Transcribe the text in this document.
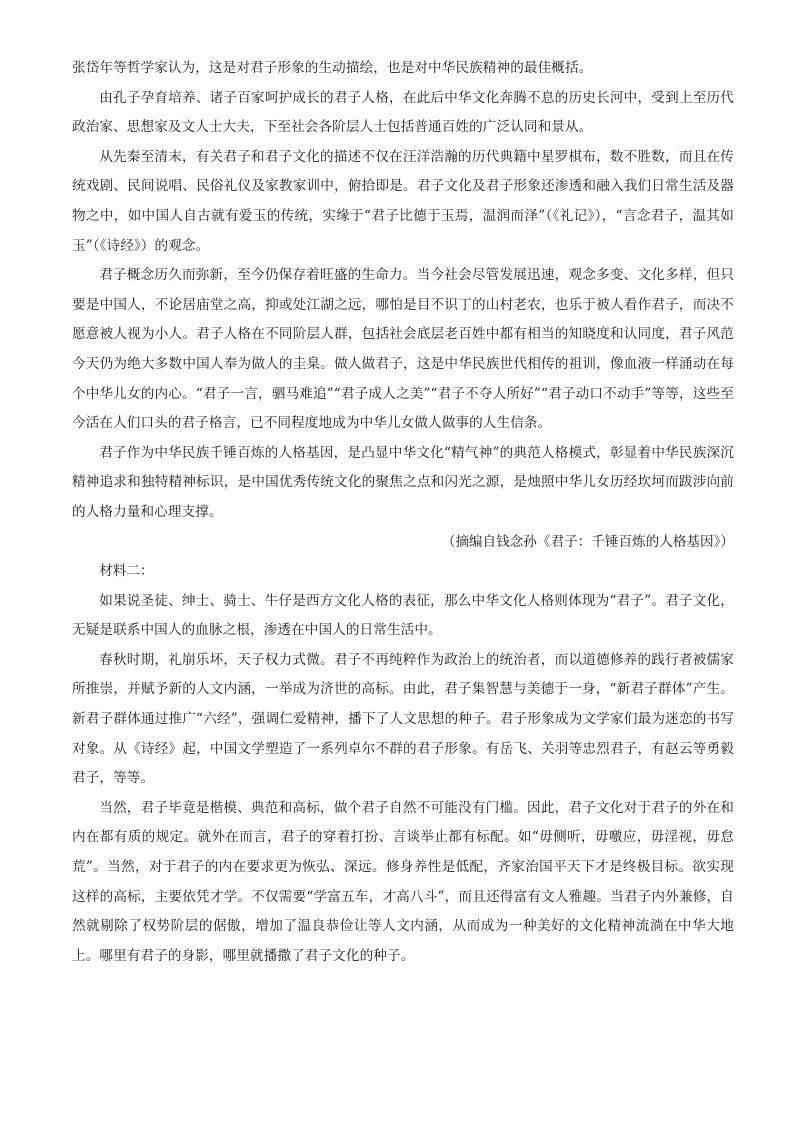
张岱年等哲学家认为，这是对君子形象的生动描绘，也是对中华民族精神的最佳概括。

由孔子孕育培养、诸子百家呵护成长的君子人格，在此后中华文化奔腾不息的历史长河中，受到上至历代政治家、思想家及文人士大夫，下至社会各阶层人士包括普通百姓的广泛认同和景从。

从先秦至清末，有关君子和君子文化的描述不仅在汪洋浩瀚的历代典籍中星罗棋布，数不胜数，而且在传统戏剧、民间说唱、民俗礼仪及家教家训中，俯拾即是。君子文化及君子形象还渗透和融入我们日常生活及器物之中，如中国人自古就有爱玉的传统，实缘于“君子比德于玉焉，温润而泽”（《礼记》），“言念君子，温其如玉”（《诗经》）的观念。

君子概念历久而弥新，至今仍保存着旺盛的生命力。当今社会尽管发展迅速，观念多变、文化多样，但只要是中国人，不论居庙堂之高，抑或处江湖之远，哪怕是目不识丁的山村老农，也乐于被人看作君子，而决不愿意被人视为小人。君子人格在不同阶层人群，包括社会底层老百姓中都有相当的知晓度和认同度，君子风范今天仍为绝大多数中国人奉为做人的圭臬。做人做君子，这是中华民族世代相传的祖训，像血液一样涌动在每个中华儿女的内心。“君子一言，驷马难追”“君子成人之美”“君子不夺人所好”“君子动口不动手”等等，这些至今活在人们口头的君子格言，已不同程度地成为中华儿女做人做事的人生信条。

君子作为中华民族千锤百炼的人格基因，是凸显中华文化“精气神”的典范人格模式，彰显着中华民族深沉精神追求和独特精神标识，是中国优秀传统文化的聚焦之点和闪光之源，是烛照中华儿女历经坎坷而跋涉向前的人格力量和心理支撑。

（摘编自钱念孙《君子：千锤百炼的人格基因》）

材料二：

如果说圣徒、绅士、骑士、牛仔是西方文化人格的表征，那么中华文化人格则体现为“君子”。君子文化，无疑是联系中国人的血脉之根，渗透在中国人的日常生活中。

春秋时期，礼崩乐坏，天子权力式微。君子不再纯粹作为政治上的统治者，而以道德修养的践行者被儒家所推崇，并赋予新的人文内涵，一举成为济世的高标。由此，君子集智慧与美德于一身，“新君子群体”产生。新君子群体通过推广“六经”，强调仁爱精神，播下了人文思想的种子。君子形象成为文学家们最为迷恋的书写对象。从《诗经》起，中国文学塑造了一系列卓尔不群的君子形象。有岳飞、关羽等忠烈君子，有赵云等勇毅君子，等等。

当然，君子毕竟是楷模、典范和高标，做个君子自然不可能没有门槛。因此，君子文化对于君子的外在和内在都有质的规定。就外在而言，君子的穿着打扮、言谈举止都有标配。如“毋侧听，毋噭应，毋淫视，毋怠荒”。当然，对于君子的内在要求更为恢弘、深远。修身养性是低配，齐家治国平天下才是终极目标。欲实现这样的高标，主要依凭才学。不仅需要“学富五车，才高八斗”，而且还得富有文人雅趣。当君子内外兼修，自然就剔除了权势阶层的倨傲，增加了温良恭俭让等人文内涵，从而成为一种美好的文化精神流淌在中华大地上。哪里有君子的身影，哪里就播撒了君子文化的种子。
